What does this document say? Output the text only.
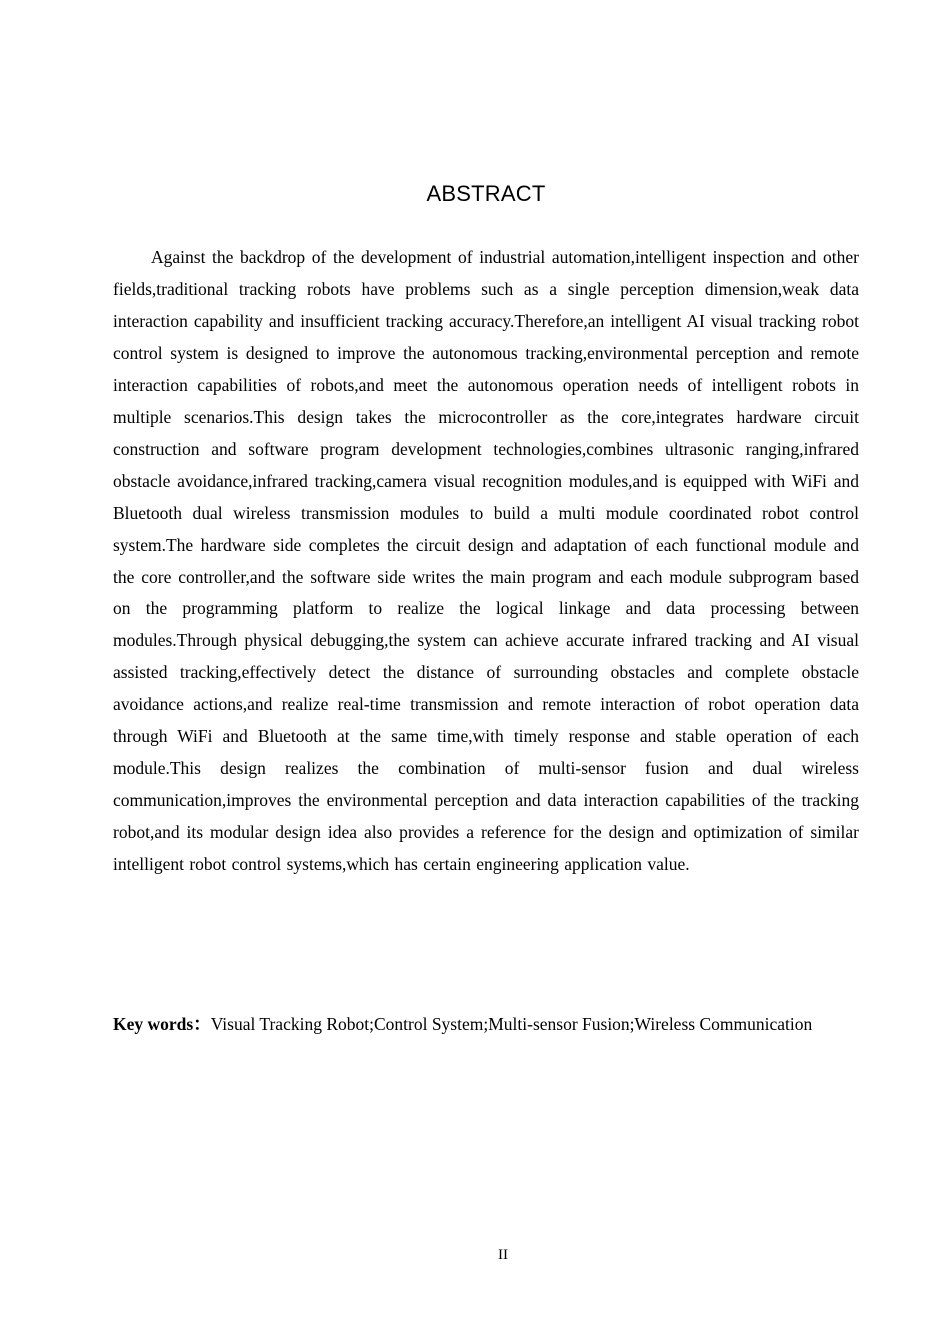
ABSTRACT

Against the backdrop of the development of industrial automation,intelligent inspection and other fields,traditional tracking robots have problems such as a single perception dimension,weak data interaction capability and insufficient tracking accuracy.Therefore,an intelligent AI visual tracking robot control system is designed to improve the autonomous tracking,environmental perception and remote interaction capabilities of robots,and meet the autonomous operation needs of intelligent robots in multiple scenarios.This design takes the microcontroller as the core,integrates hardware circuit construction and software program development technologies,combines ultrasonic ranging,infrared obstacle avoidance,infrared tracking,camera visual recognition modules,and is equipped with WiFi and Bluetooth dual wireless transmission modules to build a multi module coordinated robot control system.The hardware side completes the circuit design and adaptation of each functional module and the core controller,and the software side writes the main program and each module subprogram based on the programming platform to realize the logical linkage and data processing between modules.Through physical debugging,the system can achieve accurate infrared tracking and AI visual assisted tracking,effectively detect the distance of surrounding obstacles and complete obstacle avoidance actions,and realize real-time transmission and remote interaction of robot operation data through WiFi and Bluetooth at the same time,with timely response and stable operation of each module.This design realizes the combination of multi-sensor fusion and dual wireless communication,improves the environmental perception and data interaction capabilities of the tracking robot,and its modular design idea also provides a reference for the design and optimization of similar intelligent robot control systems,which has certain engineering application value.

Key words：Visual Tracking Robot;Control System;Multi-sensor Fusion;Wireless Communication

II
